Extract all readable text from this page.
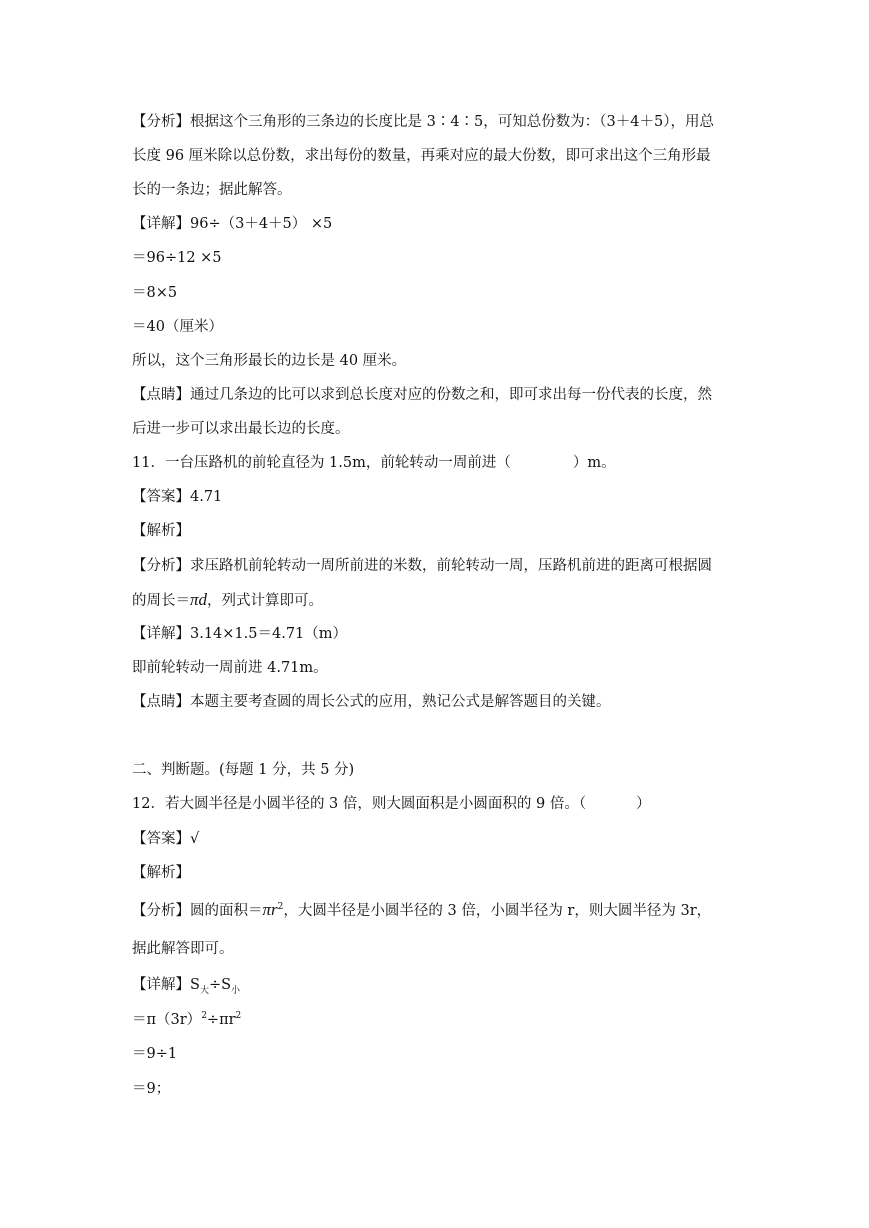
【分析】根据这个三角形的三条边的长度比是 3∶4∶5，可知总份数为：（3＋4＋5），用总
长度 96 厘米除以总份数，求出每份的数量，再乘对应的最大份数，即可求出这个三角形最
长的一条边；据此解答。
【详解】96÷（3＋4＋5） ×5
＝96÷12 ×5
＝8×5
＝40（厘米）
所以，这个三角形最长的边长是 40 厘米。
【点睛】通过几条边的比可以求到总长度对应的份数之和，即可求出每一份代表的长度，然
后进一步可以求出最长边的长度。
11．一台压路机的前轮直径为 1.5m，前轮转动一周前进（	）m。
【答案】4.71
【解析】
【分析】求压路机前轮转动一周所前进的米数，前轮转动一周，压路机前进的距离可根据圆
的周长＝πd，列式计算即可。
【详解】3.14×1.5＝4.71（m）
即前轮转动一周前进 4.71m。
【点睛】本题主要考查圆的周长公式的应用，熟记公式是解答题目的关键。
二、判断题。(每题 1 分，共 5 分)
12．若大圆半径是小圆半径的 3 倍，则大圆面积是小圆面积的 9 倍。（	）
【答案】√
【解析】
【分析】圆的面积$=\pi r^2$，大圆半径是小圆半径的 3 倍，小圆半径为 r，则大圆半径为 3r，
据此解答即可。
【详解】$S_大\div S_小$
$=\pi(3r)^2\div\pi r^2$
＝9÷1
＝9；
